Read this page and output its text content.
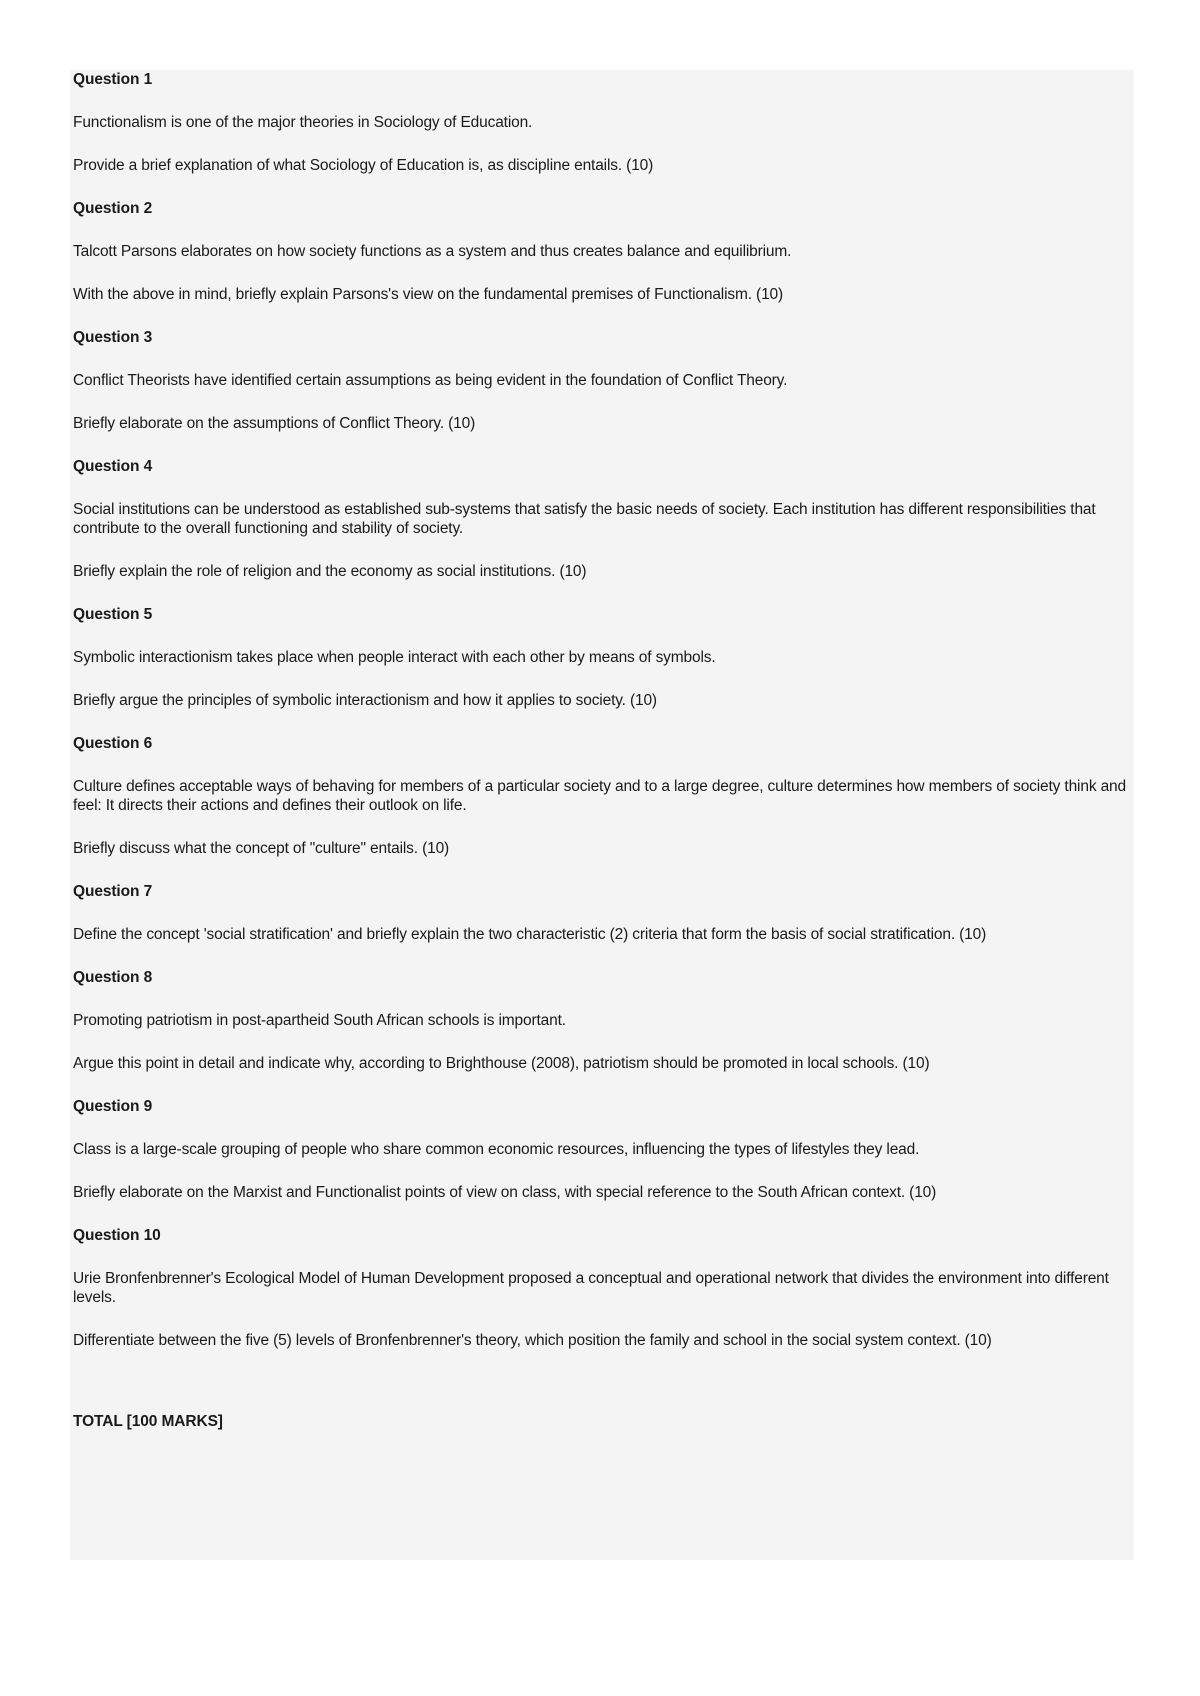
Question 1

Functionalism is one of the major theories in Sociology of Education.

Provide a brief explanation of what Sociology of Education is, as discipline entails. (10)

Question 2

Talcott Parsons elaborates on how society functions as a system and thus creates balance and equilibrium.

With the above in mind, briefly explain Parsons's view on the fundamental premises of Functionalism. (10)

Question 3

Conflict Theorists have identified certain assumptions as being evident in the foundation of Conflict Theory.

Briefly elaborate on the assumptions of Conflict Theory. (10)

Question 4

Social institutions can be understood as established sub-systems that satisfy the basic needs of society. Each institution has different responsibilities that contribute to the overall functioning and stability of society.

Briefly explain the role of religion and the economy as social institutions. (10)

Question 5

Symbolic interactionism takes place when people interact with each other by means of symbols.

Briefly argue the principles of symbolic interactionism and how it applies to society. (10)

Question 6

Culture defines acceptable ways of behaving for members of a particular society and to a large degree, culture determines how members of society think and feel: It directs their actions and defines their outlook on life.

Briefly discuss what the concept of "culture" entails. (10)

Question 7

Define the concept 'social stratification' and briefly explain the two characteristic (2) criteria that form the basis of social stratification. (10)

Question 8

Promoting patriotism in post-apartheid South African schools is important.

Argue this point in detail and indicate why, according to Brighthouse (2008), patriotism should be promoted in local schools. (10)

Question 9

Class is a large-scale grouping of people who share common economic resources, influencing the types of lifestyles they lead.

Briefly elaborate on the Marxist and Functionalist points of view on class, with special reference to the South African context. (10)

Question 10

Urie Bronfenbrenner's Ecological Model of Human Development proposed a conceptual and operational network that divides the environment into different levels.

Differentiate between the five (5) levels of Bronfenbrenner's theory, which position the family and school in the social system context. (10)

TOTAL [100 MARKS]
